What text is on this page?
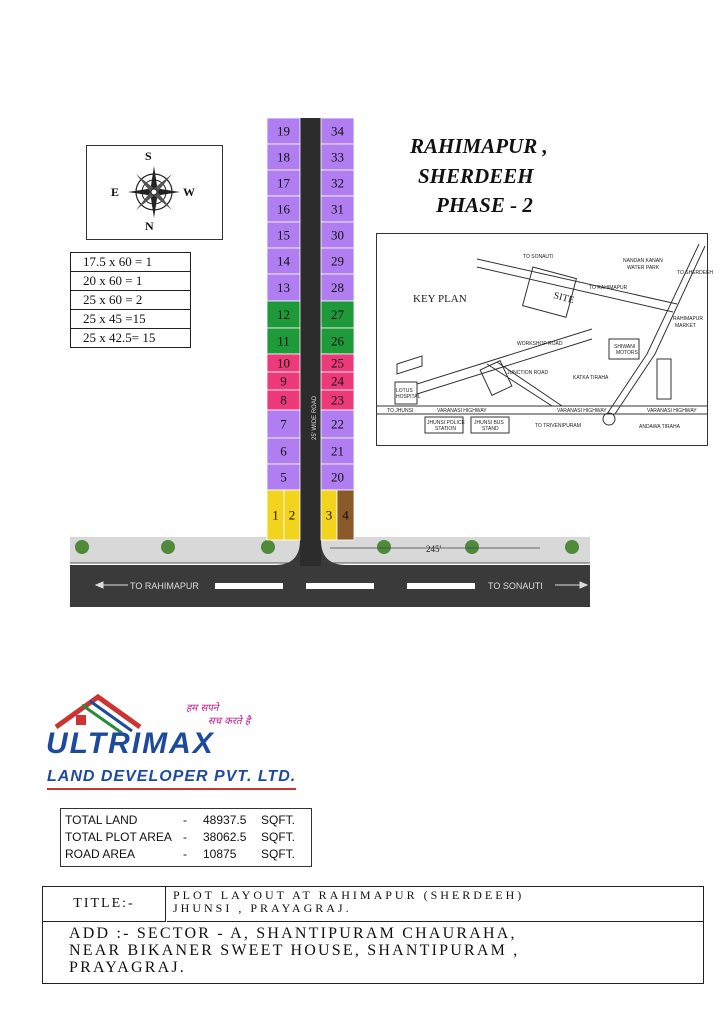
TO RAHIMAPUR	TO SONAUTI
245'
25' WIDE ROAD
19
18
17
16
15
14
13
12
11
10
9
8
7
6
5
34
33
32
31
30
29
28
27
26
25
24
23
22
21
20
1 2 3 4
RAHIMAPUR ,
SHERDEEH
PHASE - 2
S
N
E	W
17.5 x 60 = 1
20 x 60 = 1
25 x 60 = 2
25 x 45 =15
25 x 42.5= 15
TO SONAUTI
NANDAN KANAN
WATER PARK
TO RAHIMAPUR
TO SHERDEEH
RAHIMAPUR
MARKET
WORKSHOP ROAD	SHIWANI
MOTORS
JUNCTION ROAD
KATKA TIRAHA
LOTUS
HOSPITAL
TO JHUNSI	VARANASI HIGHWAY	VARANASI HIGHWAY	VARANASI HIGHWAY
JHUNSI POLICE
STATION
JHUNSI BUS
STAND	TO TRIVENIPURAM	ANDAWA TIRAHA
SITE
KEY PLAN
हम सपने
सच करते है
ULTRIMAX
LAND DEVELOPER PVT. LTD.
TOTAL LAND	- 48937.5 SQFT.
TOTAL PLOT AREA - 38062.5 SQFT.
ROAD AREA	- 10875 SQFT.
TITLE:-
PLOT LAYOUT AT RAHIMAPUR (SHERDEEH)
JHUNSI , PRAYAGRAJ.
ADD :- SECTOR - A, SHANTIPURAM CHAURAHA,
NEAR BIKANER SWEET HOUSE, SHANTIPURAM ,
PRAYAGRAJ.
